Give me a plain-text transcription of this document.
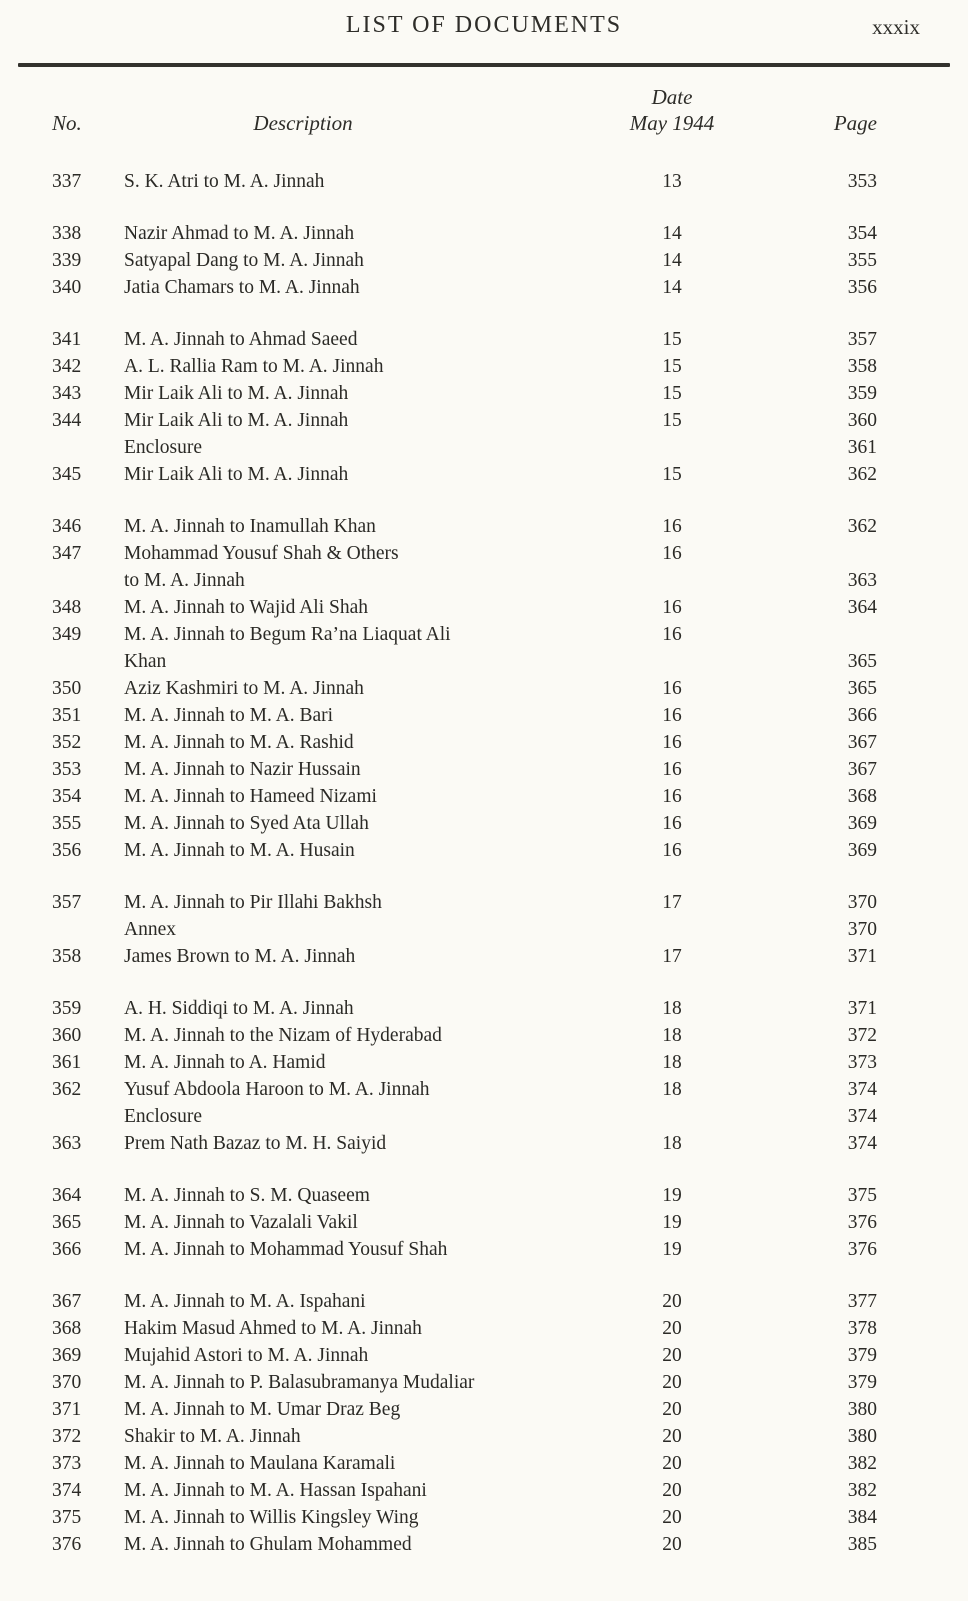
LIST OF DOCUMENTS	xxxix
No.	Description
Date
May 1944	Page
337	S. K. Atri to M. A. Jinnah	13	353
338	Nazir Ahmad to M. A. Jinnah	14	354
339	Satyapal Dang to M. A. Jinnah	14	355
340	Jatia Chamars to M. A. Jinnah	14	356
341	M. A. Jinnah to Ahmad Saeed	15	357
342	A. L. Rallia Ram to M. A. Jinnah	15	358
343	Mir Laik Ali to M. A. Jinnah	15	359
344	Mir Laik Ali to M. A. Jinnah	15	360
Enclosure	361
345	Mir Laik Ali to M. A. Jinnah	15	362
346	M. A. Jinnah to Inamullah Khan	16	362
347	Mohammad Yousuf Shah & Others	16
to M. A. Jinnah	363
348	M. A. Jinnah to Wajid Ali Shah	16	364
349	M. A. Jinnah to Begum Ra’na Liaquat Ali	16
Khan	365
350	Aziz Kashmiri to M. A. Jinnah	16	365
351	M. A. Jinnah to M. A. Bari	16	366
352	M. A. Jinnah to M. A. Rashid	16	367
353	M. A. Jinnah to Nazir Hussain	16	367
354	M. A. Jinnah to Hameed Nizami	16	368
355	M. A. Jinnah to Syed Ata Ullah	16	369
356	M. A. Jinnah to M. A. Husain	16	369
357	M. A. Jinnah to Pir Illahi Bakhsh	17	370
Annex	370
358	James Brown to M. A. Jinnah	17	371
359	A. H. Siddiqi to M. A. Jinnah	18	371
360	M. A. Jinnah to the Nizam of Hyderabad	18	372
361	M. A. Jinnah to A. Hamid	18	373
362	Yusuf Abdoola Haroon to M. A. Jinnah	18	374
Enclosure	374
363	Prem Nath Bazaz to M. H. Saiyid	18	374
364	M. A. Jinnah to S. M. Quaseem	19	375
365	M. A. Jinnah to Vazalali Vakil	19	376
366	M. A. Jinnah to Mohammad Yousuf Shah	19	376
367	M. A. Jinnah to M. A. Ispahani	20	377
368	Hakim Masud Ahmed to M. A. Jinnah	20	378
369	Mujahid Astori to M. A. Jinnah	20	379
370	M. A. Jinnah to P. Balasubramanya Mudaliar	20	379
371	M. A. Jinnah to M. Umar Draz Beg	20	380
372	Shakir to M. A. Jinnah	20	380
373	M. A. Jinnah to Maulana Karamali	20	382
374	M. A. Jinnah to M. A. Hassan Ispahani	20	382
375	M. A. Jinnah to Willis Kingsley Wing	20	384
376	M. A. Jinnah to Ghulam Mohammed	20	385
